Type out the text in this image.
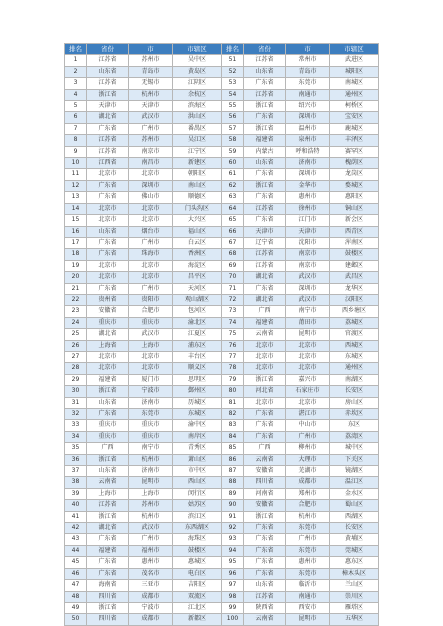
排名	省份	市	市辖区	排名	省份	市	市辖区
1	江苏省	苏州市	吴中区	51	江苏省	常州市	武进区
2	山东省	青岛市	黄岛区	52	山东省	青岛市	城阳区
3	江苏省	无锡市	江阴区	53	广东省	东莞市	南城区
4	浙江省	杭州市	余杭区	54	江苏省	南通市	通州区
5	天津市	天津市	滨海区	55	浙江省	绍兴市	柯桥区
6	湖北省	武汉市	洪山区	56	广东省	深圳市	宝安区
7	广东省	广州市	番禺区	57	浙江省	温州市	鹿城区
8	江苏省	苏州市	吴江区	58	福建省	泉州市	丰泽区
9	江苏省	南京市	江宁区	59	内蒙古	呼和浩特	赛罕区
10	江西省	南昌市	新建区	60	山东省	济南市	槐荫区
11	北京市	北京市	朝阳区	61	广东省	深圳市	龙岗区
12	广东省	深圳市	南山区	62	浙江省	金华市	婺城区
13	广东省	佛山市	顺德区	63	广东省	惠州市	惠阳区
14	北京市	北京市	门头沟区	64	江苏省	徐州市	铜山区
15	北京市	北京市	大兴区	65	广东省	江门市	新会区
16	山东省	烟台市	福山区	66	天津市	天津市	西青区
17	广东省	广州市	白云区	67	辽宁省	沈阳市	浑南区
18	广东省	珠海市	香洲区	68	江苏省	南京市	鼓楼区
19	北京市	北京市	海淀区	69	江苏省	南京市	建邺区
20	北京市	北京市	昌平区	70	湖北省	武汉市	武昌区
21	广东省	广州市	天河区	71	广东省	深圳市	龙华区
22	贵州省	贵阳市	观山湖区	72	湖北省	武汉市	汉阳区
23	安徽省	合肥市	包河区	73	广西	南宁市	西乡塘区
24	重庆市	重庆市	渝北区	74	福建省	莆田市	荔城区
25	湖北省	武汉市	江夏区	75	云南省	昆明市	官渡区
26	上海省	上海市	浦东区	76	北京市	北京市	西城区
27	北京市	北京市	丰台区	77	北京市	北京市	东城区
28	北京市	北京市	顺义区	78	北京市	北京市	通州区
29	福建省	厦门市	思明区	79	浙江省	嘉兴市	南湖区
30	浙江省	宁波市	鄞州区	80	河北省	石家庄市	长安区
31	山东省	济南市	历城区	81	北京市	北京市	房山区
32	广东省	东莞市	东城区	82	广东省	湛江市	赤坎区
33	重庆市	重庆市	渝中区	83	广东省	中山市	东区
34	重庆市	重庆市	南岸区	84	广东省	广州市	荔湾区
35	广西	南宁市	青秀区	85	广西	柳州市	城中区
36	浙江省	杭州市	萧山区	86	云南省	大理市	下关区
37	山东省	济南市	市中区	87	安徽省	芜湖市	镜湖区
38	云南省	昆明市	西山区	88	四川省	成都市	温江区
39	上海市	上海市	闵行区	89	河南省	郑州市	金水区
40	江苏省	苏州市	姑苏区	90	安徽省	合肥市	蜀山区
41	浙江省	杭州市	滨江区	91	浙江省	杭州市	西湖区
42	湖北省	武汉市	东西湖区	92	广东省	东莞市	长安区
43	广东省	广州市	海珠区	93	广东省	广州市	黄埔区
44	福建省	福州市	鼓楼区	94	广东省	东莞市	莞城区
45	广东省	惠州市	惠城区	95	广东省	惠州市	惠东区
46	广东省	茂名市	电白区	96	广东省	东莞市	樟木头区
47	海南省	三亚市	吉阳区	97	山东省	临沂市	兰山区
48	四川省	成都市	双流区	98	江苏省	南通市	崇川区
49	浙江省	宁波市	江北区	99	陕西省	西安市	雁塔区
50	四川省	成都市	新都区	100	云南省	昆明市	五华区
